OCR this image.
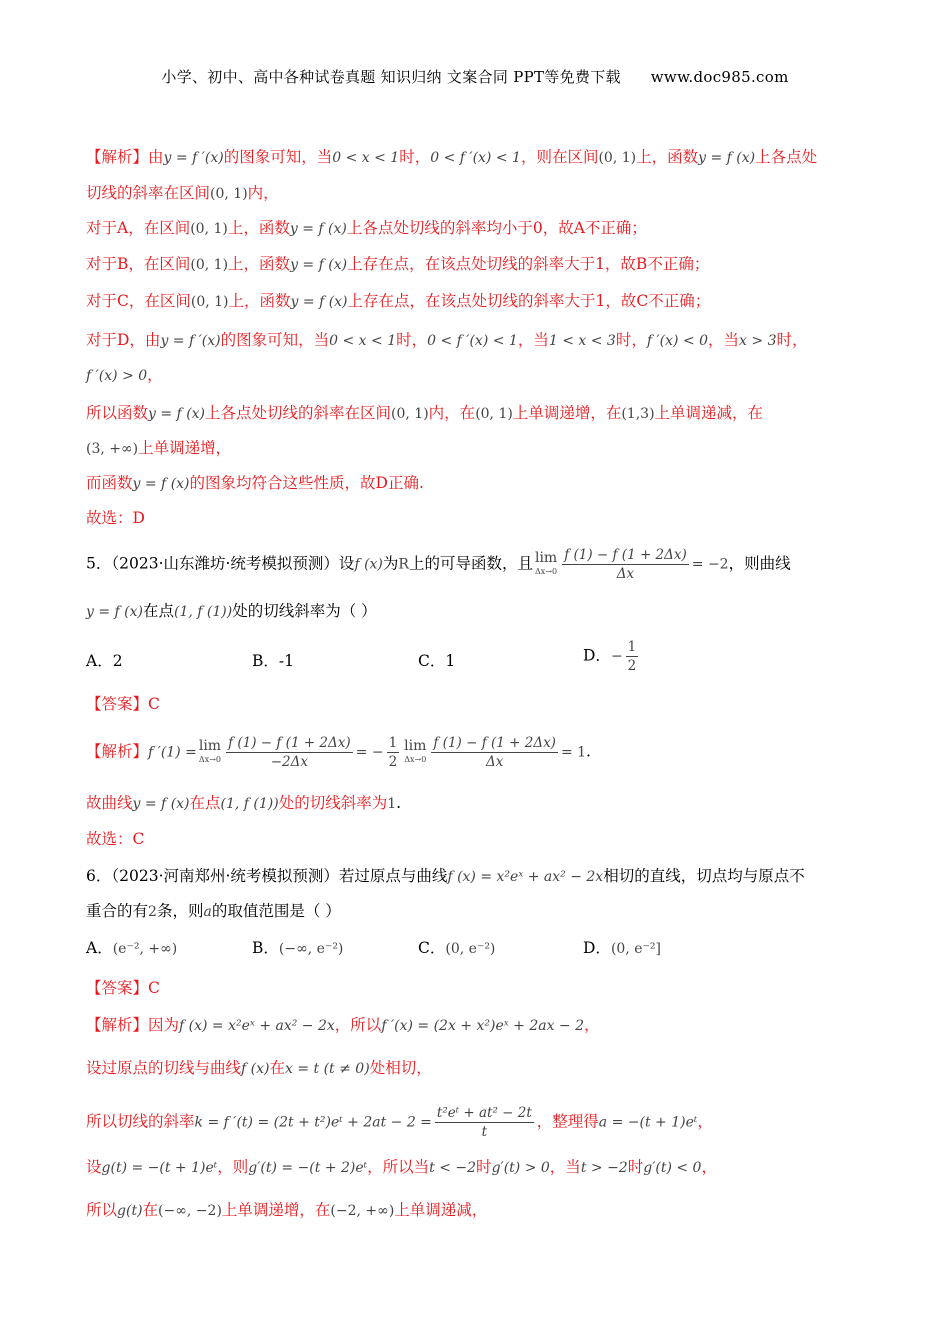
小学、初中、高中各种试卷真题 知识归纳 文案合同 PPT等免费下载 www.doc985.com
【解析】由y = f ′(x)的图象可知，当0 < x < 1时，0 < f ′(x) < 1，则在区间(0, 1)上，函数y = f (x)上各点处
切线的斜率在区间(0, 1)内，
对于A，在区间(0, 1)上，函数y = f (x)上各点处切线的斜率均小于0，故A不正确；
对于B，在区间(0, 1)上，函数y = f (x)上存在点，在该点处切线的斜率大于1，故B不正确；
对于C，在区间(0, 1)上，函数y = f (x)上存在点，在该点处切线的斜率大于1，故C不正确；
对于D，由y = f ′(x)的图象可知，当0 < x < 1时，0 < f ′(x) < 1，当1 < x < 3时，f ′(x) < 0，当x > 3时，
f ′(x) > 0，
所以函数y = f (x)上各点处切线的斜率在区间(0, 1)内，在(0, 1)上单调递增，在(1,3)上单调递减，在
(3, +∞)上单调递增，
而函数y = f (x)的图象均符合这些性质，故D正确.
故选：D
5．（2023·山东潍坊·统考模拟预测）设f (x)为R上的可导函数，且 lim
$\Delta x\to 0 \frac{f (1) - f (1 + 2\Delta x)}{\Delta x} = -2$，则曲线
y = f (x)在点(1, f (1))处的切线斜率为（ ）
A．2	B．-1	C．1	D．− $\frac{1}{2}$
【答案】C
【解析】f ′(1) = lim
$\Delta x\to 0 \frac{f (1) - f (1 + 2\Delta x)}{-2\Delta x}$ = − $\frac{1}{2}$ lim
$\Delta x\to 0 \frac{f (1) - f (1 + 2\Delta x)}{\Delta x} = 1$.
故曲线y = f (x)在点(1, f (1))处的切线斜率为1.
故选：C
6．（2023·河南郑州·统考模拟预测）若过原点与曲线f (x) = x²eˣ + ax² − 2x相切的直线，切点均与原点不
重合的有2条，则a的取值范围是（ ）
A．(e⁻², +∞)	B．(−∞, e⁻²)	C．(0, e⁻²)	D．(0, e⁻²]
【答案】C
【解析】因为f (x) = x²eˣ + ax² − 2x，所以f ′(x) = (2x + x²)eˣ + 2ax − 2，
设过原点的切线与曲线f (x)在x = t (t ≠ 0)处相切，
所以切线的斜率k = f ′(t) = (2t + t²)eᵗ + $2at - 2 = \frac{\text{t²eᵗ + at² − 2t}}{t}$ ，整理得a = −(t + 1)eᵗ，
设g(t) = −(t + 1)eᵗ，则g′(t) = −(t + 2)eᵗ，所以当t < −2时g′(t) > 0，当t > −2时g′(t) < 0，
所以g(t)在(−∞, −2)上单调递增，在(−2, +∞)上单调递减，
